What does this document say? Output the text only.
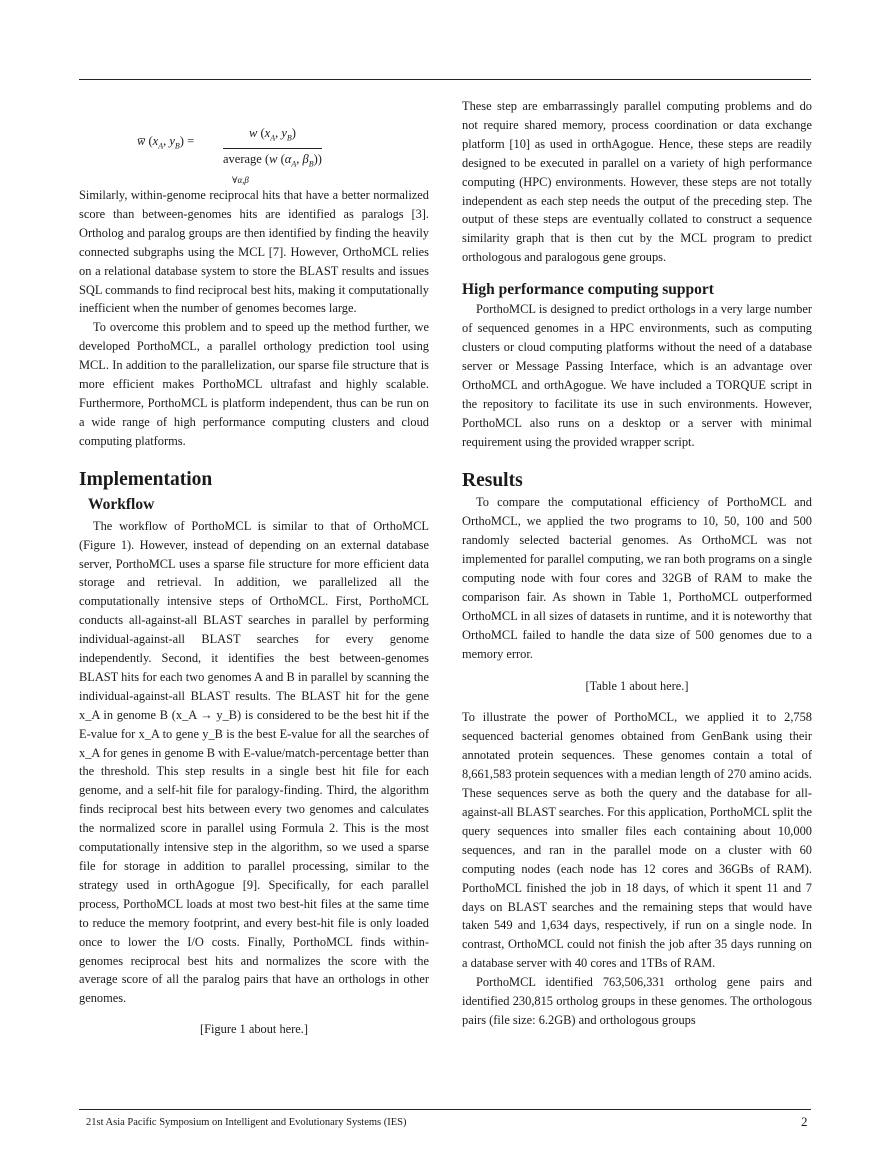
w̅ ($x_A$, $y_B$) =
w ($x_A$, $y_B$)
average (w ($\alpha_A$, $\beta_B$))
∀α,β

Similarly, within-genome reciprocal hits that have a better normalized score than between-genomes hits are identified as paralogs [3]. Ortholog and paralog groups are then identified by finding the heavily connected subgraphs using the MCL [7]. However, OrthoMCL relies on a relational database system to store the BLAST results and issues SQL commands to find reciprocal best hits, making it computationally inefficient when the number of genomes becomes large.

To overcome this problem and to speed up the method further, we developed PorthoMCL, a parallel orthology prediction tool using MCL. In addition to the parallelization, our sparse file structure that is more efficient makes PorthoMCL ultrafast and highly scalable. Furthermore, PorthoMCL is platform independent, thus can be run on a wide range of high performance computing clusters and cloud computing platforms.

Implementation
Workflow

The workflow of PorthoMCL is similar to that of OrthoMCL (Figure 1). However, instead of depending on an external database server, PorthoMCL uses a sparse file structure for more efficient data storage and retrieval. In addition, we parallelized all the computationally intensive steps of OrthoMCL. First, PorthoMCL conducts all-against-all BLAST searches in parallel by performing individual-against-all BLAST searches for every genome independently. Second, it identifies the best between-genomes BLAST hits for each two genomes A and B in parallel by scanning the individual-against-all BLAST results. The BLAST hit for the gene x_A in genome B (x_A → y_B) is considered to be the best hit if the E-value for x_A to gene y_B is the best E-value for all the searches of x_A for genes in genome B with E-value/match-percentage better than the threshold. This step results in a single best hit file for each genome, and a self-hit file for paralogy-finding. Third, the algorithm finds reciprocal best hits between every two genomes and calculates the normalized score in parallel using Formula 2. This is the most computationally intensive step in the algorithm, so we used a sparse file for storage in addition to parallel processing, similar to the strategy used in orthAgogue [9]. Specifically, for each parallel process, PorthoMCL loads at most two best-hit files at the same time to reduce the memory footprint, and every best-hit file is only loaded once to lower the I/O costs. Finally, PorthoMCL finds within-genomes reciprocal best hits and normalizes the score with the average score of all the paralog pairs that have an orthologs in other genomes.

[Figure 1 about here.]

These step are embarrassingly parallel computing problems and do not require shared memory, process coordination or data exchange platform [10] as used in orthAgogue. Hence, these steps are readily designed to be executed in parallel on a variety of high performance computing (HPC) environments. However, these steps are not totally independent as each step needs the output of the preceding step. The output of these steps are eventually collated to construct a sequence similarity graph that is then cut by the MCL program to predict orthologous and paralogous gene groups.

High performance computing support

PorthoMCL is designed to predict orthologs in a very large number of sequenced genomes in a HPC environments, such as computing clusters or cloud computing platforms without the need of a database server or Message Passing Interface, which is an advantage over OrthoMCL and orthAgogue. We have included a TORQUE script in the repository to facilitate its use in such environments. However, PorthoMCL also runs on a desktop or a server with minimal requirement using the provided wrapper script.

Results

To compare the computational efficiency of PorthoMCL and OrthoMCL, we applied the two programs to 10, 50, 100 and 500 randomly selected bacterial genomes. As OrthoMCL was not implemented for parallel computing, we ran both programs on a single computing node with four cores and 32GB of RAM to make the comparison fair. As shown in Table 1, PorthoMCL outperformed OrthoMCL in all sizes of datasets in runtime, and it is noteworthy that OrthoMCL failed to handle the data size of 500 genomes due to a memory error.

[Table 1 about here.]

To illustrate the power of PorthoMCL, we applied it to 2,758 sequenced bacterial genomes obtained from GenBank using their annotated protein sequences. These genomes contain a total of 8,661,583 protein sequences with a median length of 270 amino acids. These sequences serve as both the query and the database for all-against-all BLAST searches. For this application, PorthoMCL split the query sequences into smaller files each containing about 10,000 sequences, and ran in the parallel mode on a cluster with 60 computing nodes (each node has 12 cores and 36GBs of RAM). PorthoMCL finished the job in 18 days, of which it spent 11 and 7 days on BLAST searches and the remaining steps that would have taken 549 and 1,634 days, respectively, if run on a single node. In contrast, OrthoMCL could not finish the job after 35 days running on a database server with 40 cores and 1TBs of RAM.

PorthoMCL identified 763,506,331 ortholog gene pairs and identified 230,815 ortholog groups in these genomes. The orthologous pairs (file size: 6.2GB) and orthologous groups

21st Asia Pacific Symposium on Intelligent and Evolutionary Systems (IES)	2
